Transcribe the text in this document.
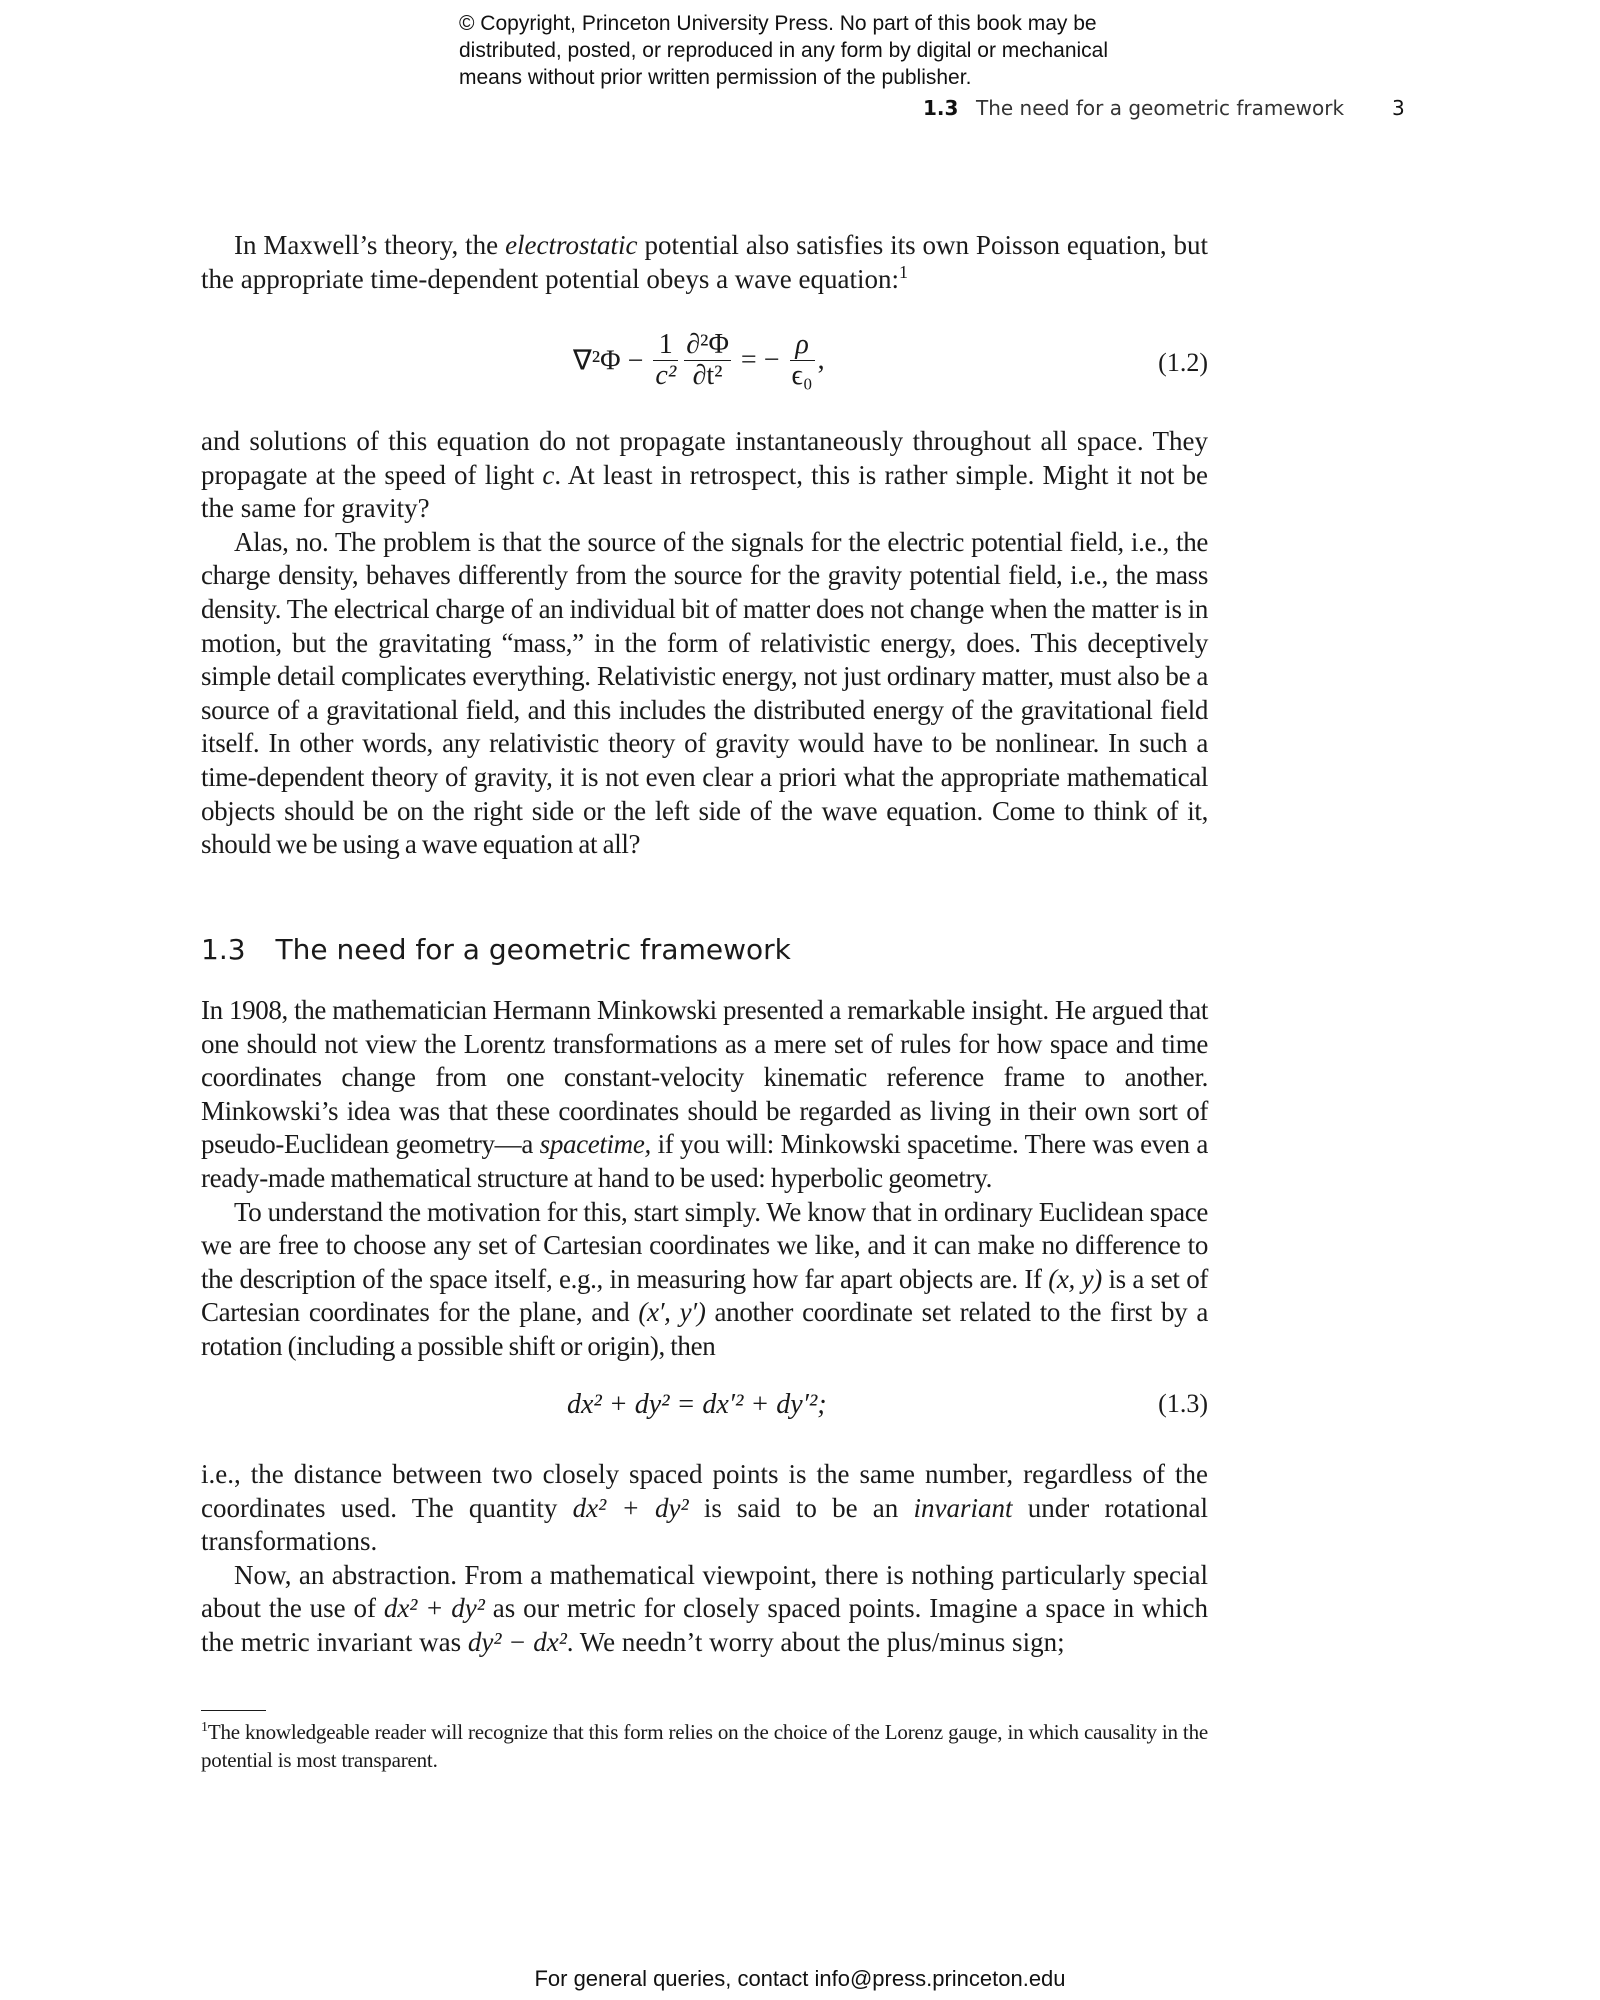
© Copyright, Princeton University Press. No part of this book may be
distributed, posted, or reproduced in any form by digital or mechanical
means without prior written permission of the publisher.
1.3 The need for a geometric framework 3

In Maxwell’s theory, the electrostatic potential also satisfies its own Poisson equation, but the appropriate time-dependent potential obeys a wave equation:$^1$

$\nabla^2\Phi - \frac{1}{\text{c²}} \frac{\text{∂²Φ}}{\text{∂t²}}$ = − $\frac{\rho}{\text{ϵ₀}}$ ,	(1.2)

and solutions of this equation do not propagate instantaneously throughout all space. They propagate at the speed of light c. At least in retrospect, this is rather simple. Might it not be the same for gravity?

Alas, no. The problem is that the source of the signals for the electric potential field, i.e., the charge density, behaves differently from the source for the gravity potential field, i.e., the mass density. The electrical charge of an individual bit of matter does not change when the matter is in motion, but the gravitating “mass,” in the form of relativistic energy, does. This deceptively simple detail complicates everything. Relativistic energy, not just ordinary matter, must also be a source of a gravitational field, and this includes the distributed energy of the gravitational field itself. In other words, any relativistic theory of gravity would have to be nonlinear. In such a time-dependent theory of gravity, it is not even clear a priori what the appropriate mathematical objects should be on the right side or the left side of the wave equation. Come to think of it, should we be using a wave equation at all?

1.3 The need for a geometric framework

In 1908, the mathematician Hermann Minkowski presented a remarkable insight. He argued that one should not view the Lorentz transformations as a mere set of rules for how space and time coordinates change from one constant-velocity kinematic reference frame to another. Minkowski’s idea was that these coordinates should be regarded as living in their own sort of pseudo-Euclidean geometry—a spacetime, if you will: Minkowski spacetime. There was even a ready-made mathematical structure at hand to be used: hyperbolic geometry.

To understand the motivation for this, start simply. We know that in ordinary Euclidean space we are free to choose any set of Cartesian coordinates we like, and it can make no difference to the description of the space itself, e.g., in measuring how far apart objects are. If (x, y) is a set of Cartesian coordinates for the plane, and (x′, y′) another coordinate set related to the first by a rotation (including a possible shift or origin), then

dx² + dy² = dx′² + dy′²;	(1.3)

i.e., the distance between two closely spaced points is the same number, regardless of the coordinates used. The quantity dx² + dy² is said to be an invariant under rotational transformations.

Now, an abstraction. From a mathematical viewpoint, there is nothing particularly special about the use of dx² + dy² as our metric for closely spaced points. Imagine a space in which the metric invariant was dy² − dx². We needn’t worry about the plus/minus sign;

$^1$The knowledgeable reader will recognize that this form relies on the choice of the Lorenz gauge, in which causality in the potential is most transparent.
For general queries, contact info@press.princeton.edu
